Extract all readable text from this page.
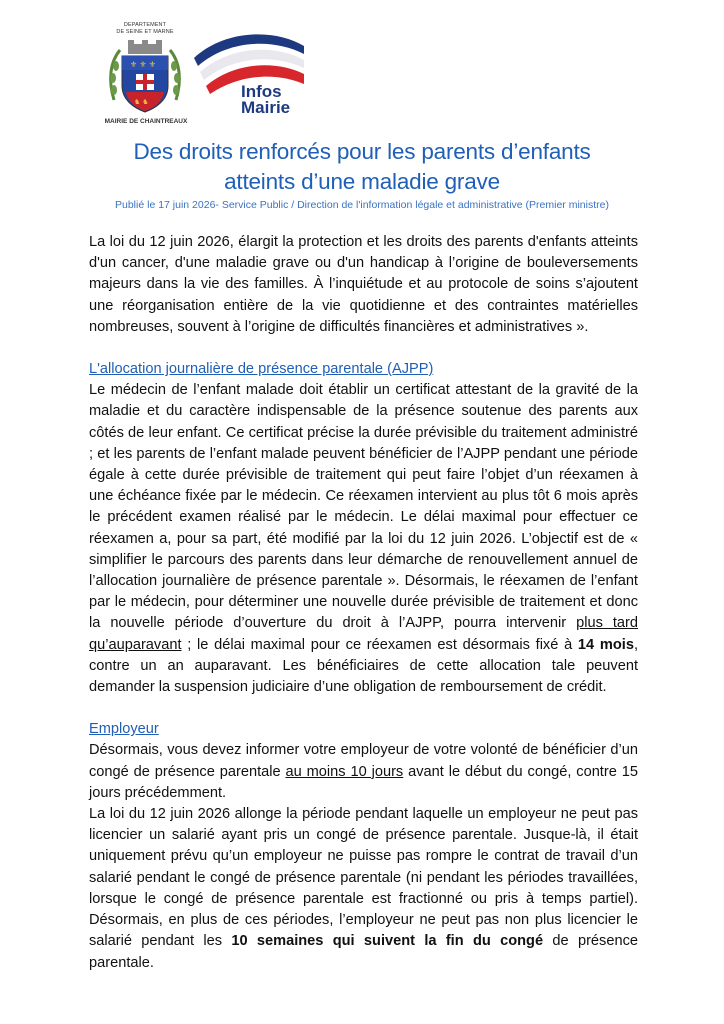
DEPARTEMENT
DE SEINE ET MARNE
⚜ ⚜ ⚜
♞ ♞
MAIRIE DE CHAINTREAUX
Infos
Mairie
Des droits renforcés pour les parents d’enfants
atteints d’une maladie grave
Publié le 17 juin 2026- Service Public / Direction de l'information légale et administrative (Premier ministre)

La loi du 12 juin 2026, élargit la protection et les droits des parents d'enfants atteints d'un cancer, d'une maladie grave ou d'un handicap à l’origine de bouleversements majeurs dans la vie des familles. À l’inquiétude et au protocole de soins s’ajoutent une réorganisation entière de la vie quotidienne et des contraintes matérielles nombreuses, souvent à l’origine de difficultés financières et administratives ».

L'allocation journalière de présence parentale (AJPP)
Le médecin de l’enfant malade doit établir un certificat attestant de la gravité de la maladie et du caractère indispensable de la présence soutenue des parents aux côtés de leur enfant. Ce certificat précise la durée prévisible du traitement administré ; et les parents de l’enfant malade peuvent bénéficier de l’AJPP pendant une période égale à cette durée prévisible de traitement qui peut faire l’objet d’un réexamen à une échéance fixée par le médecin. Ce réexamen intervient au plus tôt 6 mois après le précédent examen réalisé par le médecin. Le délai maximal pour effectuer ce réexamen a, pour sa part, été modifié par la loi du 12 juin 2026. L’objectif est de « simplifier le parcours des parents dans leur démarche de renouvellement annuel de l’allocation journalière de présence parentale ». Désormais, le réexamen de l’enfant par le médecin, pour déterminer une nouvelle durée prévisible de traitement et donc la nouvelle période d’ouverture du droit à l’AJPP, pourra intervenir plus tard qu’auparavant ; le délai maximal pour ce réexamen est désormais fixé à 14 mois, contre un an auparavant. Les bénéficiaires de cette allocation tale peuvent demander la suspension judiciaire d’une obligation de remboursement de crédit.

Employeur
Désormais, vous devez informer votre employeur de votre volonté de bénéficier d’un congé de présence parentale au moins 10 jours avant le début du congé, contre 15 jours précédemment.
La loi du 12 juin 2026 allonge la période pendant laquelle un employeur ne peut pas licencier un salarié ayant pris un congé de présence parentale. Jusque-là, il était uniquement prévu qu’un employeur ne puisse pas rompre le contrat de travail d’un salarié pendant le congé de présence parentale (ni pendant les périodes travaillées, lorsque le congé de présence parentale est fractionné ou pris à temps partiel). Désormais, en plus de ces périodes, l’employeur ne peut pas non plus licencier le salarié pendant les 10 semaines qui suivent la fin du congé de présence parentale.
